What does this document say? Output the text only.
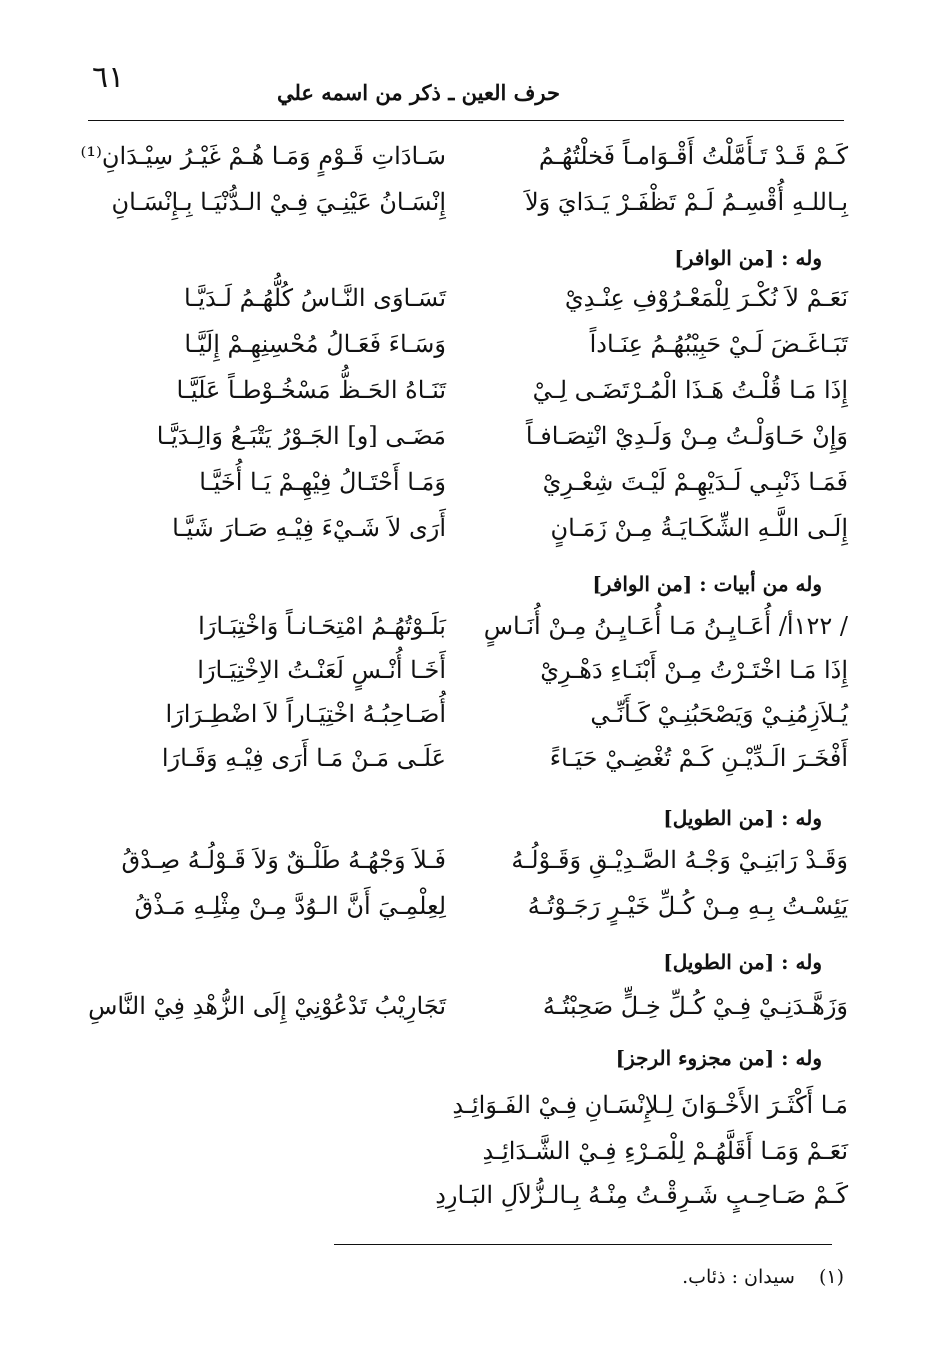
٦١	حرف العين ـ ذكر من اسمه علي
كَـمْ قَـدْ تَـأَمَّلْتُ أَقْـوَامـاً فَخلْتُهُـمُ
سَـادَاتِ قَـوْمٍ وَمَـا هُـمْ غَيْـرُ سِيْـدَانِ⁽¹⁾
بِـاللـهِ أُقْسِـمُ لَـمْ تَظْفَـرْ يَـدَايَ وَلاَ
إِنْسَـانُ عَيْنِـيَ فِـيْ الـدُّنْيَـا بِـإِنْسَـانِ
وله : [من الوافر]
نَعَـمْ لاَ نُكْـرَ لِلْمَعْـرُوْفِ عِنْـدِيْ
تَسَـاوَى النَّـاسُ كُلُّهُـمُ لَـدَيَّـا
تَبَـاغَـضَ لَـيْ حَبِيْبُهُـمُ عِنَـاداً
وَسَـاءَ فَعَـالُ مُحْسِنِهِـمْ إِلَيَّـا
إِذَا مَـا قُلْـتُ هَـذَا الْمُـرْتَضَـى لِـيْ
تَنَـاهُ الحَـظُّ مَسْخُـوْطـاً عَلَيَّـا
وَإِنْ حَـاوَلْـتُ مِـنْ وَلَـدِيْ انْتِصَـافـاً
مَضَـى [و] الجَـوْرُ يَتْبَـعُ وَالِـدَيَّـا
فَمَـا ذَنْبِـي لَـدَيْهِـمْ لَيْـتَ شِعْـرِيْ
وَمَـا أَحْتَـالُ فِيْهِـمْ يَـا أُخَيَّـا
إِلَـى اللَّـهِ الشِّكَـايَـةُ مِـنْ زَمَـانٍ
أَرَى لاَ شَـيْءَ فِيْـهِ صَـارَ شَيَّـا
وله من أبيات : [من الوافر]
/ ١٢٢أ/ أُعَـايِـنُ مَـا أُعَـايِـنُ مِـنْ أُنَـاسٍ
بَلَـوْتُهُـمُ امْتِحَـانـاً وَاخْتِبَـارَا
إِذَا مَـا اخْتَـرْتُ مِـنْ أَبْنَـاءِ دَهْـرِيْ
أَخَـا أُنْـسٍ لَعَنْـتُ الاِخْتِيَـارَا
يُـلاَزِمُنِـيْ وَيَصْحَبُنِـيْ كَـأَنِّـي
أُصَـاحِبُـهُ اخْتِيَـاراً لاَ اضْطِـرَارَا
أَفْخَـرَ الَـدِّيْـنِ كَـمْ تُغْضِـيْ حَيَـاءً
عَلَـى مَـنْ مَـا أَرَى فِيْـهِ وَقَـارَا
وله : [من الطويل]
وَقَـدْ رَابَنِـيْ وَجْـهُ الصَّـدِيْـقِ وَقَـوْلُـهُ
فَـلاَ وَجْهُـهُ طَلْـقٌ وَلاَ قَـوْلُـهُ صِـدْقُ
يَئِسْـتُ بِـهِ مِـنْ كُـلِّ خَيْـرٍ رَجَـوْتُـهُ
لِعِلْمِـيَ أَنَّ الـوُدَّ مِـنْ مِثْلِـهِ مَـذْقُ
وله : [من الطويل]
وَزَهَّـدَنِـيْ فِـيْ كُـلِّ خِـلٍّ صَحِبْتُـهُ
تَجَارِيْبُ تَدْعُوْنِيْ إِلَى الزُّهْدِ فِيْ النَّاسِ
وله : [من مجزوء الرجز]
مَـا أَكْثَـرَ الأَخْـوَانَ لِـلإِنْسَـانِ فِـيْ الفَـوَائِـدِ
نَعَـمْ وَمَـا أَقَلَّهُـمْ لِلْمَـرْءِ فِـيْ الشَّـدَائِـدِ
كَـمْ صَـاحِـبٍ شَـرِقْـتُ مِنْـهُ بِـالـزُّلاَلِ البَـارِدِ
(١) سيدان : ذئاب.
